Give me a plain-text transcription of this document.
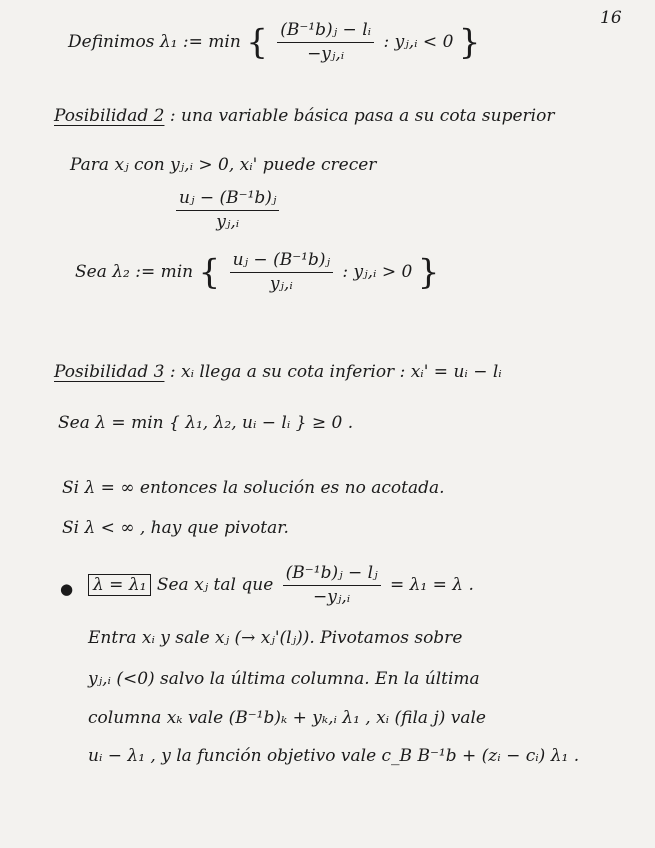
16
Definimos λ₁ := min { $\frac{\text{(B⁻¹b)ⱼ − lᵢ}}{\text{−yⱼ,ᵢ}}$ : yⱼ,ᵢ < 0 }
Posibilidad 2 : una variable básica pasa a su cota superior
Para xⱼ con yⱼ,ᵢ > 0, xᵢ' puede crecer
$\frac{\text{uⱼ − (B⁻¹b)ⱼ}}{\text{yⱼ,ᵢ}}$
Sea λ₂ := min { $\frac{\text{uⱼ − (B⁻¹b)ⱼ}}{\text{yⱼ,ᵢ}}$ : yⱼ,ᵢ > 0 }
Posibilidad 3 : xᵢ llega a su cota inferior : xᵢ' = uᵢ − lᵢ
Sea λ = min { λ₁, λ₂, uᵢ − lᵢ } ≥ 0 .
Si λ = ∞ entonces la solución es no acotada.
Si λ < ∞ , hay que pivotar.
● λ = λ₁ Sea xⱼ tal que $\frac{\text{(B⁻¹b)ⱼ − lⱼ}}{\text{−yⱼ,ᵢ}} = \lambda_1 = \lambda$ .
Entra xᵢ y sale xⱼ (→ xⱼ'(lⱼ)). Pivotamos sobre
yⱼ,ᵢ (<0) salvo la última columna. En la última
columna xₖ vale (B⁻¹b)ₖ + yₖ,ᵢ λ₁ , xᵢ (fila j) vale
uᵢ − λ₁ , y la función objetivo vale c_B B⁻¹b + (zᵢ − cᵢ) λ₁ .
